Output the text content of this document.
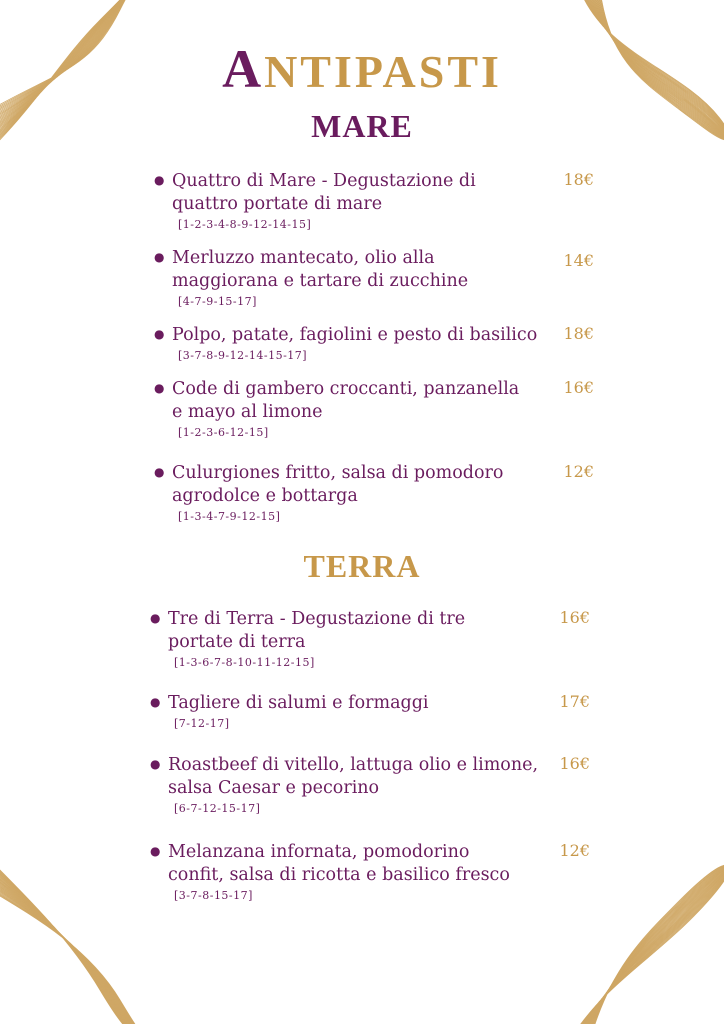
ANTIPASTI
MARE
● Quattro di Mare - Degustazione di quattro portate di mare
[1-2-3-4-8-9-12-14-15]
18€
● Merluzzo mantecato, olio alla maggiorana e tartare di zucchine
[4-7-9-15-17]
14€
● Polpo, patate, fagiolini e pesto di basilico
[3-7-8-9-12-14-15-17]
18€
● Code di gambero croccanti, panzanella e mayo al limone
[1-2-3-6-12-15]
16€
● Culurgiones fritto, salsa di pomodoro agrodolce e bottarga
[1-3-4-7-9-12-15]
12€
TERRA
● Tre di Terra - Degustazione di tre portate di terra
[1-3-6-7-8-10-11-12-15]
16€
● Tagliere di salumi e formaggi
[7-12-17]
17€
● Roastbeef di vitello, lattuga olio e limone, salsa Caesar e pecorino
[6-7-12-15-17]
16€
● Melanzana infornata, pomodorino confit, salsa di ricotta e basilico fresco
[3-7-8-15-17]
12€
